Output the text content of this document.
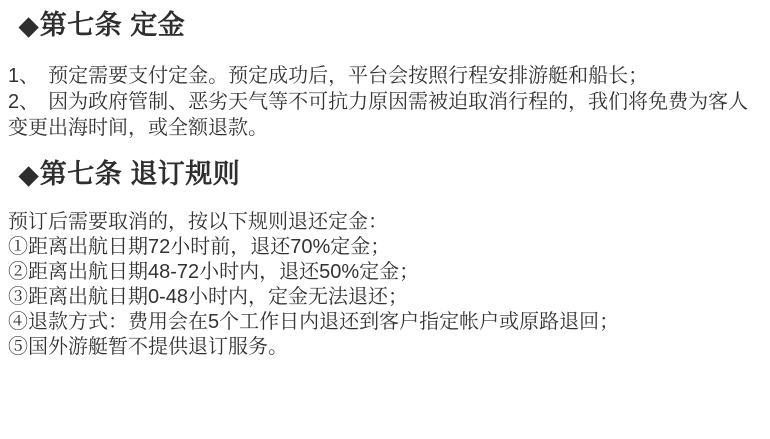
◆第七条 定金

1、 预定需要支付定金。预定成功后，平台会按照行程安排游艇和船长；

2、 因为政府管制、恶劣天气等不可抗力原因需被迫取消行程的，我们将免费为客人变更出海时间，或全额退款。

◆第七条 退订规则

预订后需要取消的，按以下规则退还定金：

①距离出航日期72小时前，退还70%定金；

②距离出航日期48-72小时内，退还50%定金；

③距离出航日期0-48小时内，定金无法退还；

④退款方式：费用会在5个工作日内退还到客户指定帐户或原路退回；

⑤国外游艇暂不提供退订服务。
